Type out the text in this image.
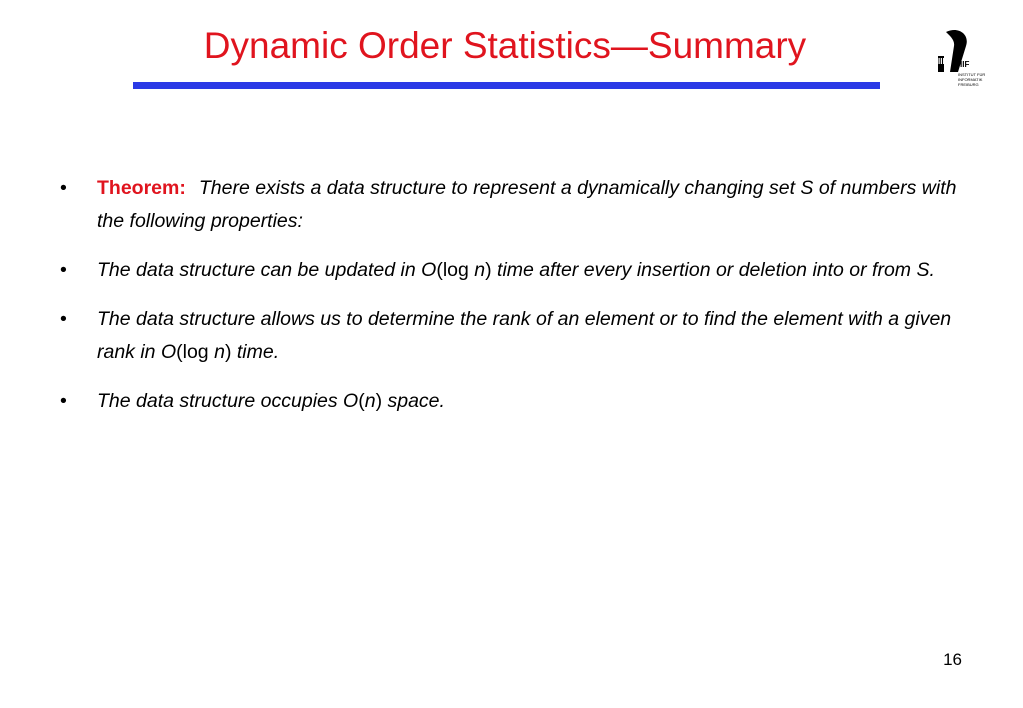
Dynamic Order Statistics—Summary	IIF IIF
INSTITUT FÜR
INFORMATIK
FREIBURG
•	Theorem: There exists a data structure to represent a dynamically changing set S of numbers with the following properties:
•	The data structure can be updated in O(log n) time after every insertion or deletion into or from S.
•	The data structure allows us to determine the rank of an element or to find the element with a given rank in O(log n) time.
•	The data structure occupies O(n) space.
16
